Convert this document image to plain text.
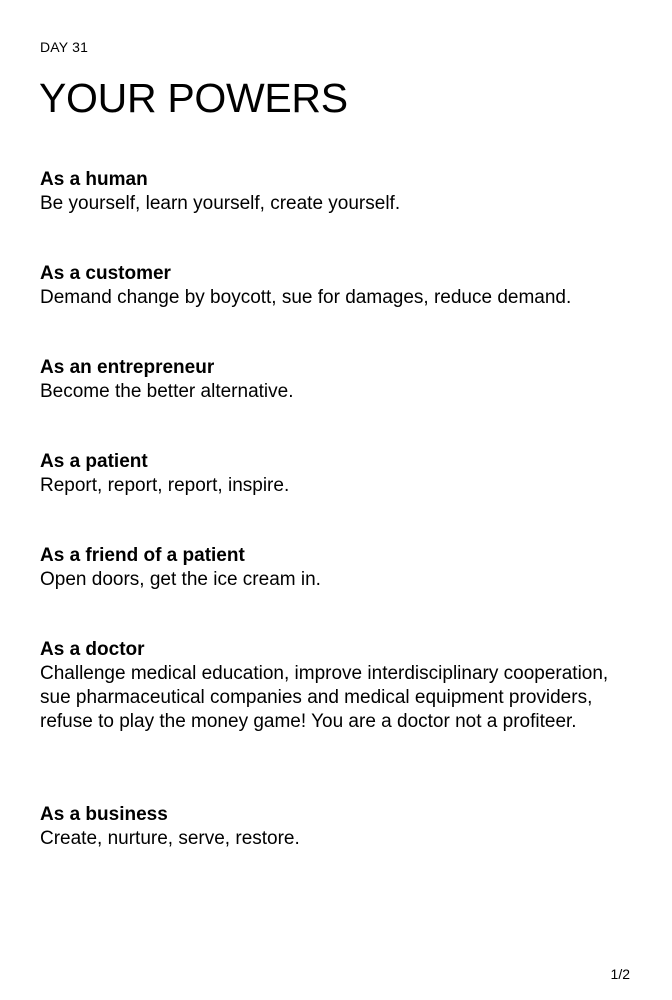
DAY 31
YOUR POWERS
As a human
Be yourself, learn yourself, create yourself.
As a customer
Demand change by boycott, sue for damages, reduce demand.
As an entrepreneur
Become the better alternative.
As a patient
Report, report, report, inspire.
As a friend of a patient
Open doors, get the ice cream in.
As a doctor
Challenge medical education, improve interdisciplinary cooperation, sue pharmaceutical companies and medical equipment providers, refuse to play the money game! You are a doctor not a profiteer.
As a business
Create, nurture, serve, restore.
1/2
